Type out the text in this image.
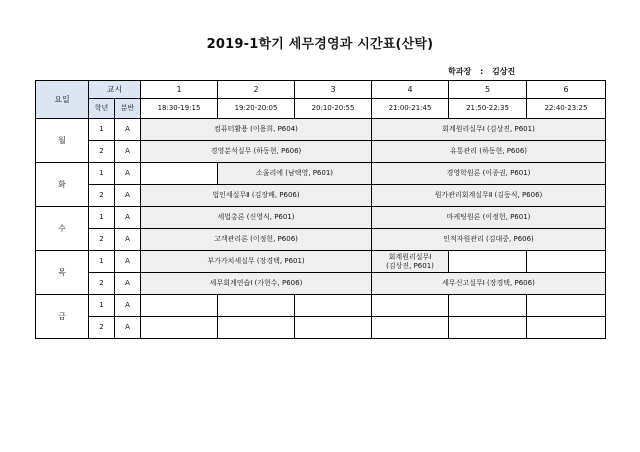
2019-1학기 세무경영과 시간표(산탁)
학과장 : 김상진
요일	교시		1	2	3	4	5	6
	학년	분반	18:30-19:15	19:20-20:05	20:10-20:55	21:00-21:45	21:50-22:35	22:40-23:25
월	1	A	컴퓨터활용 (이용희, P604)			회계원리실무Ⅰ (김상진, P601)		
	2	A	경영분석실무 (하동현, P606)			유통관리 (하동현, P606)		
화	1	A		소울리에 (남택영, P601)		경영학원론 (이종권, P601)		
	2	A	법인세실무Ⅱ (김장배, P606)			원가관리회계실무Ⅱ (김동식, P606)		
수	1	A	세법총론 (신영식, P601)			마케팅원론 (이정헌, P601)		
	2	A	고객관리론 (이정헌, P606)			인적자원관리 (김대중, P606)		
목	1	A	부가가치세실무 (장경택, P601)			회계원리실무Ⅰ
(김상진, P601)		

	2	A	세무회계연습Ⅰ (가현수, P606)			세무신고실무Ⅰ (장경택, P606)		
금	1	A						
	2	A						
